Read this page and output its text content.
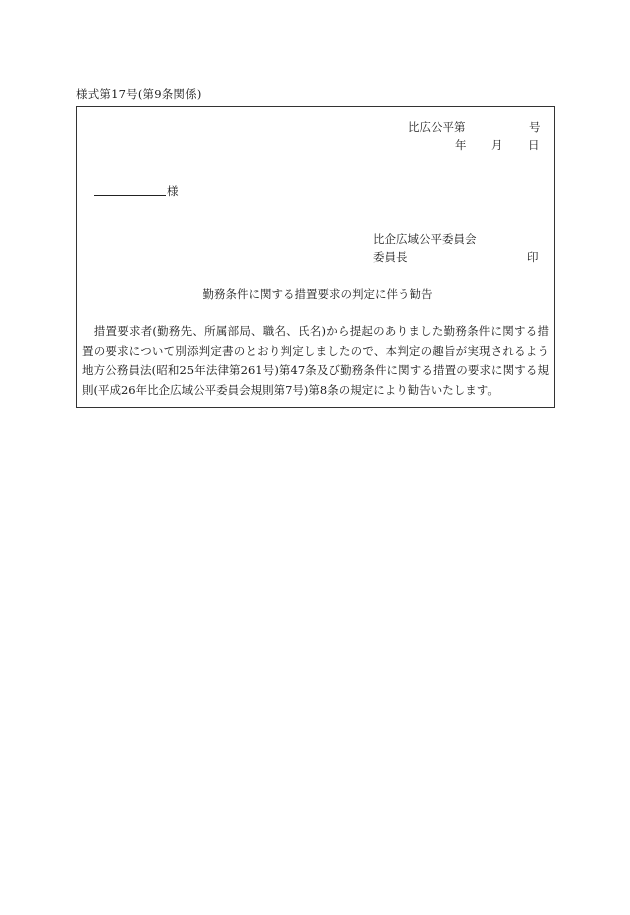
様式第17号(第9条関係)
比広公平第	号
年 月 日
様
比企広域公平委員会
委員長	印
勤務条件に関する措置要求の判定に伴う勧告
　措置要求者(勤務先、所属部局、職名、氏名)から提起のありました勤務条件に関する措置の要求について別添判定書のとおり判定しましたので、本判定の趣旨が実現されるよう地方公務員法(昭和25年法律第261号)第47条及び勤務条件に関する措置の要求に関する規則(平成26年比企広域公平委員会規則第7号)第8条の規定により勧告いたします。
